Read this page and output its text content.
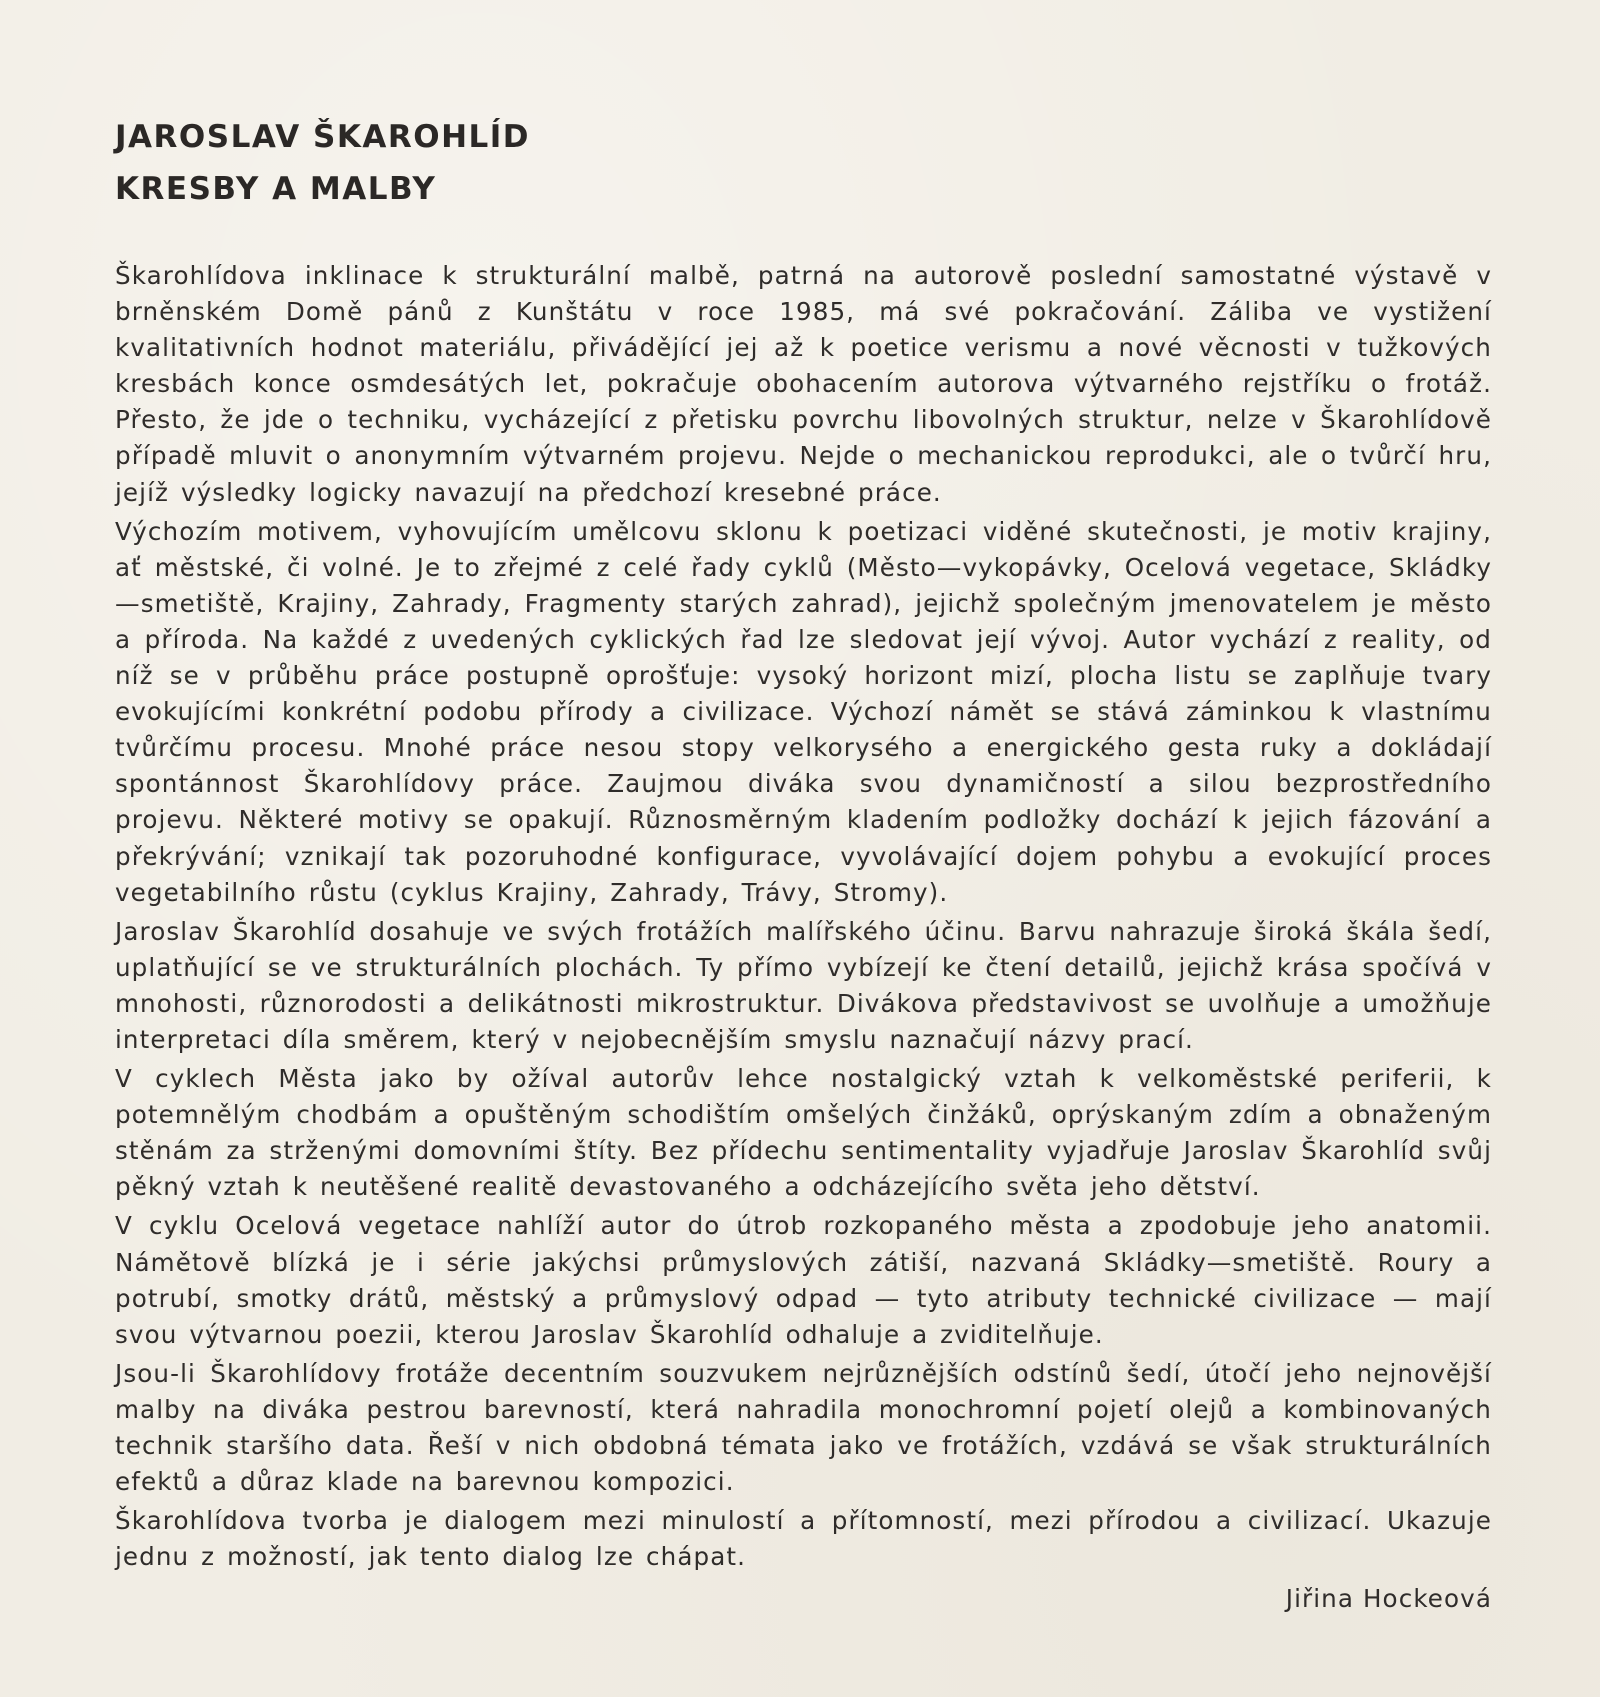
JAROSLAV ŠKAROHLÍD
KRESBY A MALBY

Škarohlídova inklinace k strukturální malbě, patrná na autorově poslední samostatné výstavě v brněnském Domě pánů z Kunštátu v roce 1985, má své pokračování. Záliba ve vystižení kvalitativních hodnot materiálu, přivádějící jej až k poetice verismu a nové věcnosti v tužkových kresbách konce osmdesátých let, pokračuje obohacením autorova výtvarného rejstříku o frotáž. Přesto, že jde o techniku, vycházející z přetisku povrchu libovolných struktur, nelze v Škarohlídově případě mluvit o anonymním výtvarném projevu. Nejde o mechanickou reprodukci, ale o tvůrčí hru, jejíž výsledky logicky navazují na předchozí kresebné práce.

Výchozím motivem, vyhovujícím umělcovu sklonu k poetizaci viděné skutečnosti, je motiv krajiny, ať městské, či volné. Je to zřejmé z celé řady cyklů (Město—vykopávky, Ocelová vegetace, Skládky—smetiště, Krajiny, Zahrady, Fragmenty starých zahrad), jejichž společným jmenovatelem je město a příroda. Na každé z uvedených cyklických řad lze sledovat její vývoj. Autor vychází z reality, od níž se v průběhu práce postupně oprošťuje: vysoký horizont mizí, plocha listu se zaplňuje tvary evokujícími konkrétní podobu přírody a civilizace. Výchozí námět se stává záminkou k vlastnímu tvůrčímu procesu. Mnohé práce nesou stopy velkorysého a energického gesta ruky a dokládají spontánnost Škarohlídovy práce. Zaujmou diváka svou dynamičností a silou bezprostředního projevu. Některé motivy se opakují. Různosměrným kladením podložky dochází k jejich fázování a překrývání; vznikají tak pozoruhodné konfigurace, vyvolávající dojem pohybu a evokující proces vegetabilního růstu (cyklus Krajiny, Zahrady, Trávy, Stromy).

Jaroslav Škarohlíd dosahuje ve svých frotážích malířského účinu. Barvu nahrazuje široká škála šedí, uplatňující se ve strukturálních plochách. Ty přímo vybízejí ke čtení detailů, jejichž krása spočívá v mnohosti, různorodosti a delikátnosti mikrostruktur. Divákova představivost se uvolňuje a umožňuje interpretaci díla směrem, který v nejobecnějším smyslu naznačují názvy prací.

V cyklech Města jako by ožíval autorův lehce nostalgický vztah k velkoměstské periferii, k potemnělým chodbám a opuštěným schodištím omšelých činžáků, oprýskaným zdím a obnaženým stěnám za strženými domovními štíty. Bez přídechu sentimentality vyjadřuje Jaroslav Škarohlíd svůj pěkný vztah k neutěšené realitě devastovaného a odcházejícího světa jeho dětství.

V cyklu Ocelová vegetace nahlíží autor do útrob rozkopaného města a zpodobuje jeho anatomii. Námětově blízká je i série jakýchsi průmyslových zátiší, nazvaná Skládky—smetiště. Roury a potrubí, smotky drátů, městský a průmyslový odpad — tyto atributy technické civilizace — mají svou výtvarnou poezii, kterou Jaroslav Škarohlíd odhaluje a zviditelňuje.

Jsou-li Škarohlídovy frotáže decentním souzvukem nejrůznějších odstínů šedí, útočí jeho nejnovější malby na diváka pestrou barevností, která nahradila monochromní pojetí olejů a kombinovaných technik staršího data. Řeší v nich obdobná témata jako ve frotážích, vzdává se však strukturálních efektů a důraz klade na barevnou kompozici.

Škarohlídova tvorba je dialogem mezi minulostí a přítomností, mezi přírodou a civilizací. Ukazuje jednu z možností, jak tento dialog lze chápat.

Jiřina Hockeová
